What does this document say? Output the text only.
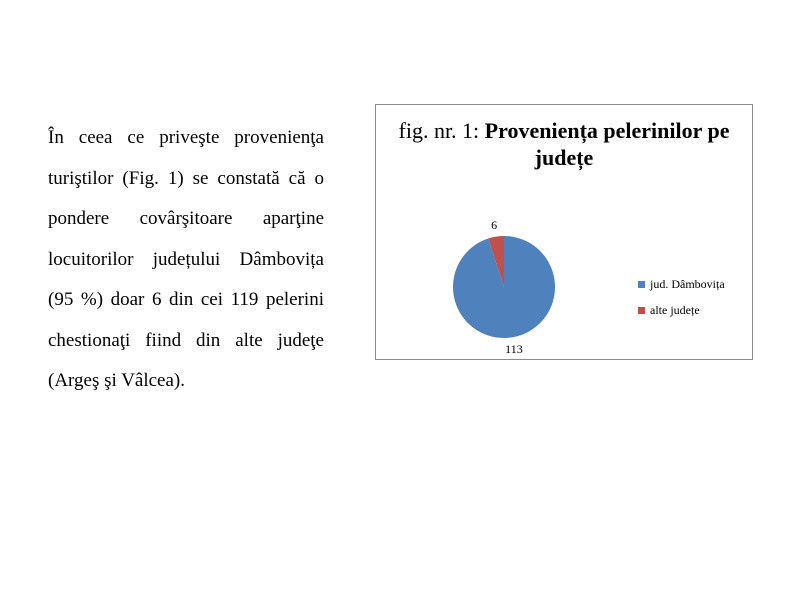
În ceea ce priveşte provenienţa turiştilor (Fig. 1) se constată că o pondere covârşitoare aparţine locuitorilor județului Dâmbovița (95 %) doar 6 din cei 119 pelerini chestionaţi fiind din alte judeţe (Argeş şi Vâlcea).

fig. nr. 1: Proveniența pelerinilor pe județe
113
6
jud. Dâmbovița
alte județe
